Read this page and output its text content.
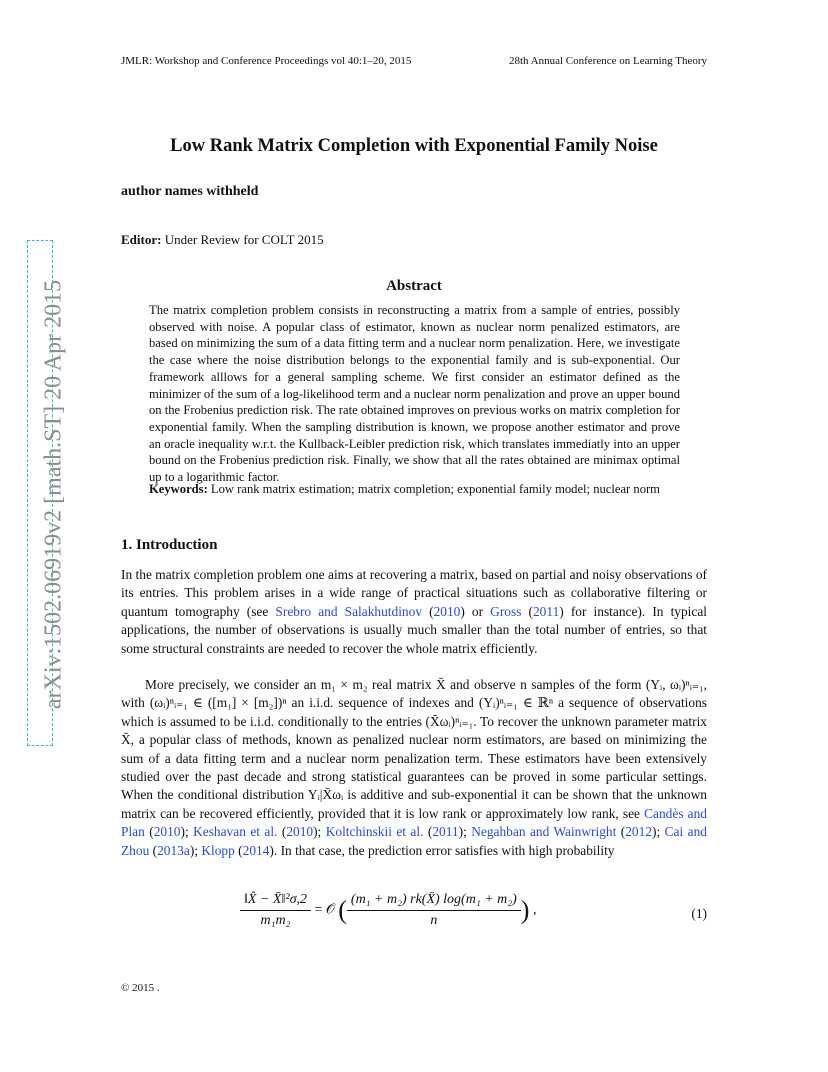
JMLR: Workshop and Conference Proceedings vol 40:1–20, 2015	28th Annual Conference on Learning Theory
arXiv:1502.06919v2 [math.ST] 20 Apr 2015
Low Rank Matrix Completion with Exponential Family Noise
author names withheld
Editor: Under Review for COLT 2015
Abstract
The matrix completion problem consists in reconstructing a matrix from a sample of entries, possibly observed with noise. A popular class of estimator, known as nuclear norm penalized estimators, are based on minimizing the sum of a data fitting term and a nuclear norm penalization. Here, we investigate the case where the noise distribution belongs to the exponential family and is sub-exponential. Our framework alllows for a general sampling scheme. We first consider an estimator defined as the minimizer of the sum of a log-likelihood term and a nuclear norm penalization and prove an upper bound on the Frobenius prediction risk. The rate obtained improves on previous works on matrix completion for exponential family. When the sampling distribution is known, we propose another estimator and prove an oracle inequality w.r.t. the Kullback-Leibler prediction risk, which translates immediatly into an upper bound on the Frobenius prediction risk. Finally, we show that all the rates obtained are minimax optimal up to a logarithmic factor.
Keywords: Low rank matrix estimation; matrix completion; exponential family model; nuclear norm
1. Introduction
In the matrix completion problem one aims at recovering a matrix, based on partial and noisy observations of its entries. This problem arises in a wide range of practical situations such as collaborative filtering or quantum tomography (see Srebro and Salakhutdinov (2010) or Gross (2011) for instance). In typical applications, the number of observations is usually much smaller than the total number of entries, so that some structural constraints are needed to recover the whole matrix efficiently.
More precisely, we consider an m₁ × m₂ real matrix X̄ and observe n samples of the form (Yᵢ, ωᵢ)ⁿᵢ₌₁, with (ωᵢ)ⁿᵢ₌₁ ∈ ([m₁] × [m₂])ⁿ an i.i.d. sequence of indexes and (Yᵢ)ⁿᵢ₌₁ ∈ ℝⁿ a sequence of observations which is assumed to be i.i.d. conditionally to the entries (X̄ωᵢ)ⁿᵢ₌₁. To recover the unknown parameter matrix X̄, a popular class of methods, known as penalized nuclear norm estimators, are based on minimizing the sum of a data fitting term and a nuclear norm penalization term. These estimators have been extensively studied over the past decade and strong statistical guarantees can be proved in some particular settings. When the conditional distribution Yᵢ|X̄ωᵢ is additive and sub-exponential it can be shown that the unknown matrix can be recovered efficiently, provided that it is low rank or approximately low rank, see Candès and Plan (2010); Keshavan et al. (2010); Koltchinskii et al. (2011); Negahban and Wainwright (2012); Cai and Zhou (2013a); Klopp (2014). In that case, the prediction error satisfies with high probability
$\frac{\text{‖X̂ − X̄‖²σ,2}}{\text{m₁m₂}}$ = 𝒪 ( $\frac{\text{(m₁ + m₂) rk(X̄) log(m₁ + m₂)}}{n}$ ) ,	(1)
© 2015 .
